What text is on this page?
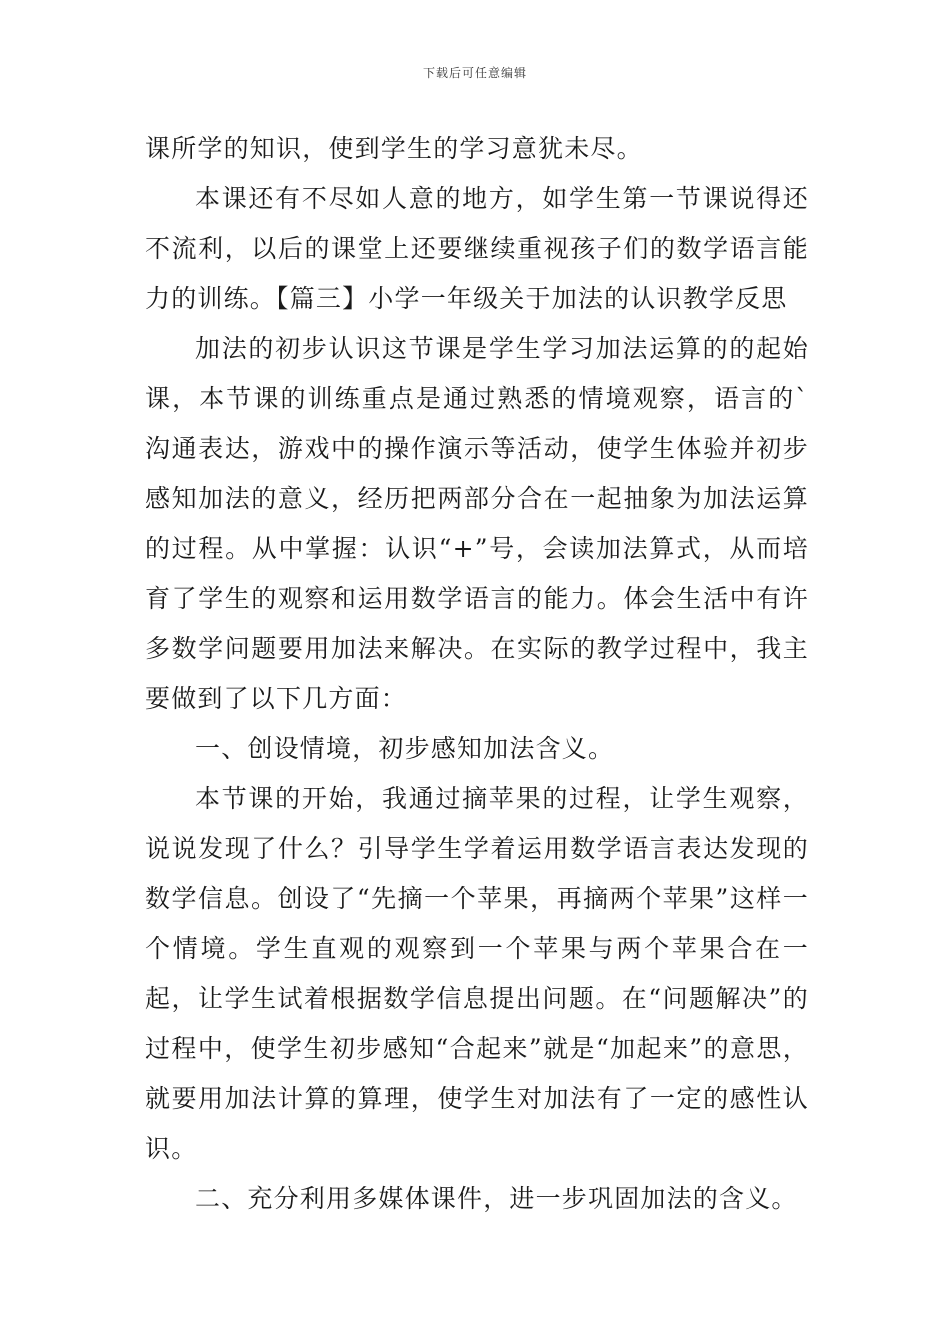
下载后可任意编辑

课所学的知识，使到学生的学习意犹未尽。

本课还有不尽如人意的地方，如学生第一节课说得还不流利，以后的课堂上还要继续重视孩子们的数学语言能力的训练。【篇三】小学一年级关于加法的认识教学反思

加法的初步认识这节课是学生学习加法运算的的起始课，本节课的训练重点是通过熟悉的情境观察，语言的`沟通表达，游戏中的操作演示等活动，使学生体验并初步感知加法的意义，经历把两部分合在一起抽象为加法运算的过程。从中掌握：认识“+”号，会读加法算式，从而培育了学生的观察和运用数学语言的能力。体会生活中有许多数学问题要用加法来解决。在实际的教学过程中，我主要做到了以下几方面：

一、创设情境，初步感知加法含义。

本节课的开始，我通过摘苹果的过程，让学生观察，说说发现了什么？引导学生学着运用数学语言表达发现的数学信息。创设了“先摘一个苹果，再摘两个苹果”这样一个情境。学生直观的观察到一个苹果与两个苹果合在一起，让学生试着根据数学信息提出问题。在“问题解决”的过程中，使学生初步感知“合起来”就是“加起来”的意思，就要用加法计算的算理，使学生对加法有了一定的感性认识。

二、充分利用多媒体课件，进一步巩固加法的含义。
